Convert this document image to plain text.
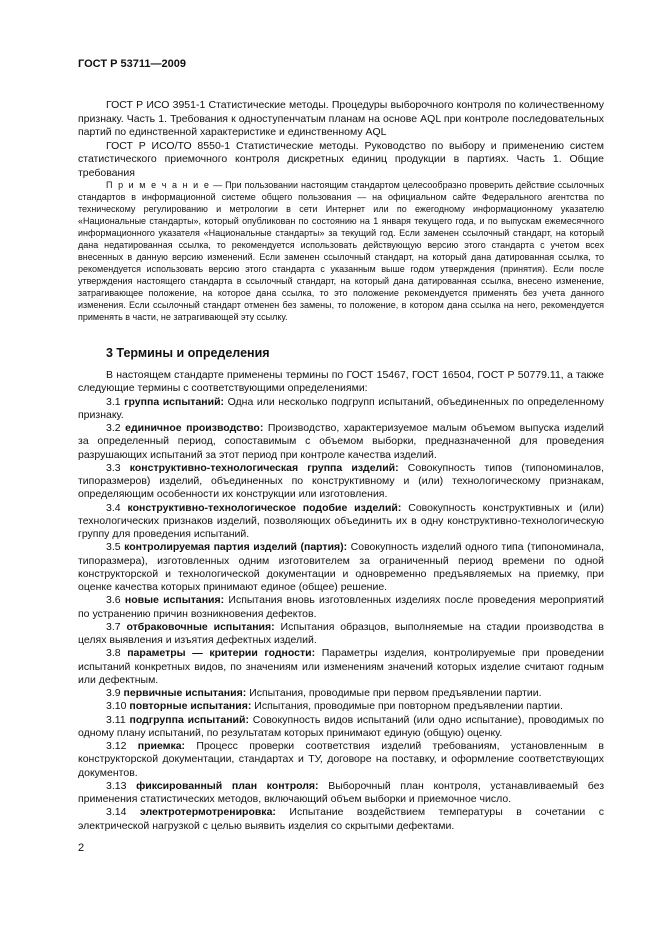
ГОСТ Р 53711—2009

ГОСТ Р ИСО 3951-1 Статистические методы. Процедуры выборочного контроля по количественному признаку. Часть 1. Требования к одноступенчатым планам на основе AQL при контроле последовательных партий по единственной характеристике и единственному AQL

ГОСТ Р ИСО/ТО 8550-1 Статистические методы. Руководство по выбору и применению систем статистического приемочного контроля дискретных единиц продукции в партиях. Часть 1. Общие требования

П р и м е ч а н и е — При пользовании настоящим стандартом целесообразно проверить действие ссылочных стандартов в информационной системе общего пользования — на официальном сайте Федерального агентства по техническому регулированию и метрологии в сети Интернет или по ежегодному информационному указателю «Национальные стандарты», который опубликован по состоянию на 1 января текущего года, и по выпускам ежемесячного информационного указателя «Национальные стандарты» за текущий год. Если заменен ссылочный стандарт, на который дана недатированная ссылка, то рекомендуется использовать действующую версию этого стандарта с учетом всех внесенных в данную версию изменений. Если заменен ссылочный стандарт, на который дана датированная ссылка, то рекомендуется использовать версию этого стандарта с указанным выше годом утверждения (принятия). Если после утверждения настоящего стандарта в ссылочный стандарт, на который дана датированная ссылка, внесено изменение, затрагивающее положение, на которое дана ссылка, то это положение рекомендуется применять без учета данного изменения. Если ссылочный стандарт отменен без замены, то положение, в котором дана ссылка на него, рекомендуется применять в части, не затрагивающей эту ссылку.

3 Термины и определения

В настоящем стандарте применены термины по ГОСТ 15467, ГОСТ 16504, ГОСТ Р 50779.11, а также следующие термины с соответствующими определениями:

3.1 группа испытаний: Одна или несколько подгрупп испытаний, объединенных по определенному признаку.

3.2 единичное производство: Производство, характеризуемое малым объемом выпуска изделий за определенный период, сопоставимым с объемом выборки, предназначенной для проведения разрушающих испытаний за этот период при контроле качества изделий.

3.3 конструктивно-технологическая группа изделий: Совокупность типов (типономиналов, типоразмеров) изделий, объединенных по конструктивному и (или) технологическому признакам, определяющим особенности их конструкции или изготовления.

3.4 конструктивно-технологическое подобие изделий: Совокупность конструктивных и (или) технологических признаков изделий, позволяющих объединить их в одну конструктивно-технологическую группу для проведения испытаний.

3.5 контролируемая партия изделий (партия): Совокупность изделий одного типа (типономинала, типоразмера), изготовленных одним изготовителем за ограниченный период времени по одной конструкторской и технологической документации и одновременно предъявляемых на приемку, при оценке качества которых принимают единое (общее) решение.

3.6 новые испытания: Испытания вновь изготовленных изделиях после проведения мероприятий по устранению причин возникновения дефектов.

3.7 отбраковочные испытания: Испытания образцов, выполняемые на стадии производства в целях выявления и изъятия дефектных изделий.

3.8 параметры — критерии годности: Параметры изделия, контролируемые при проведении испытаний конкретных видов, по значениям или изменениям значений которых изделие считают годным или дефектным.

3.9 первичные испытания: Испытания, проводимые при первом предъявлении партии.

3.10 повторные испытания: Испытания, проводимые при повторном предъявлении партии.

3.11 подгруппа испытаний: Совокупность видов испытаний (или одно испытание), проводимых по одному плану испытаний, по результатам которых принимают единую (общую) оценку.

3.12 приемка: Процесс проверки соответствия изделий требованиям, установленным в конструкторской документации, стандартах и ТУ, договоре на поставку, и оформление соответствующих документов.

3.13 фиксированный план контроля: Выборочный план контроля, устанавливаемый без применения статистических методов, включающий объем выборки и приемочное число.

3.14 электротермотренировка: Испытание воздействием температуры в сочетании с электрической нагрузкой с целью выявить изделия со скрытыми дефектами.

2
